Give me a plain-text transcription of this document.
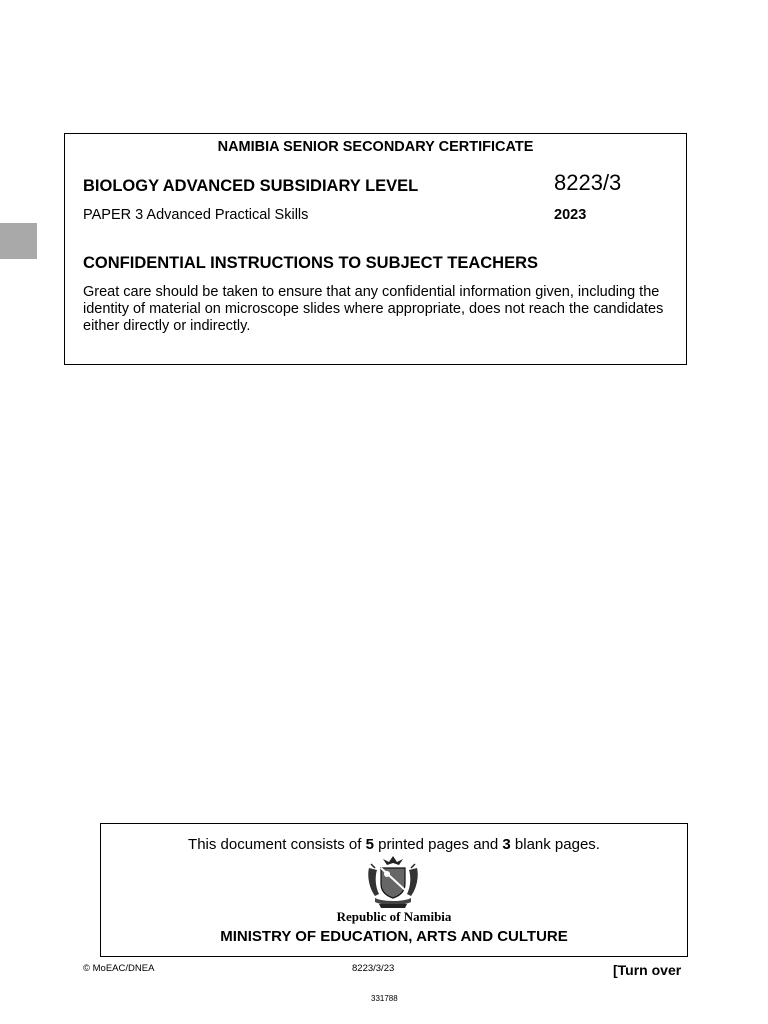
NAMIBIA SENIOR SECONDARY CERTIFICATE
BIOLOGY ADVANCED SUBSIDIARY LEVEL	8223/3
PAPER 3 Advanced Practical Skills	2023
CONFIDENTIAL INSTRUCTIONS TO SUBJECT TEACHERS
Great care should be taken to ensure that any confidential information given, including the identity of material on microscope slides where appropriate, does not reach the candidates either directly or indirectly.
This document consists of 5 printed pages and 3 blank pages.
Republic of Namibia
MINISTRY OF EDUCATION, ARTS AND CULTURE
© MoEAC/DNEA	8223/3/23	[Turn over
331788
